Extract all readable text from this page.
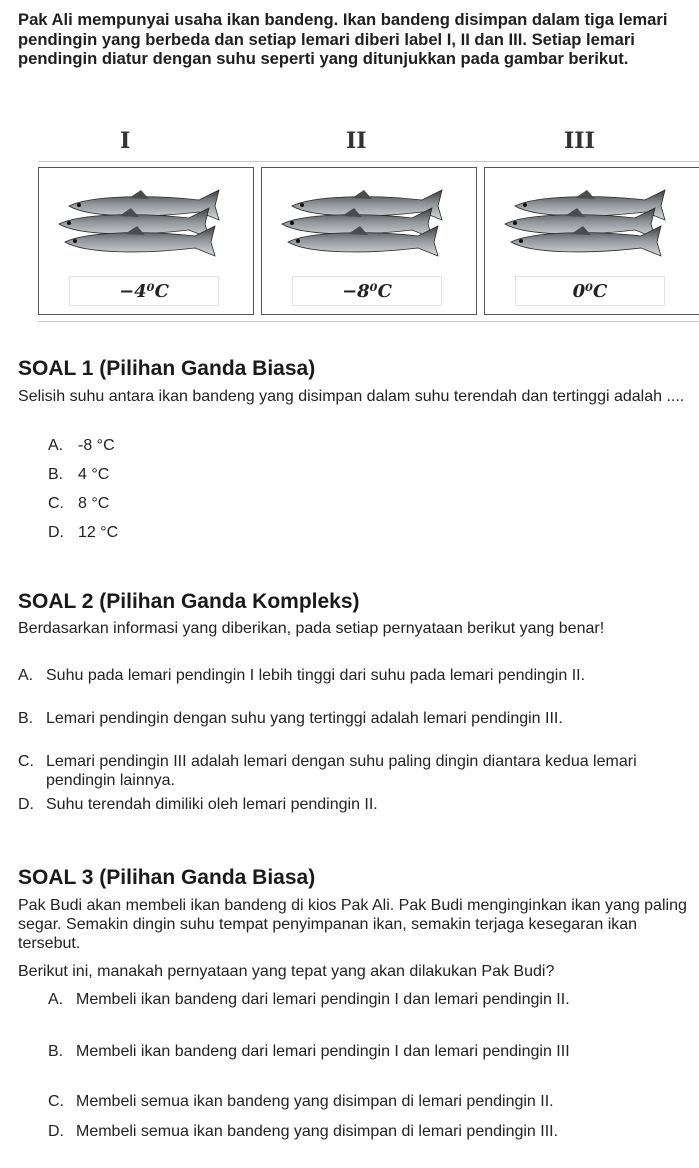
Pak Ali mempunyai usaha ikan bandeng. Ikan bandeng disimpan dalam tiga lemari pendingin yang berbeda dan setiap lemari diberi label I, II dan III. Setiap lemari pendingin diatur dengan suhu seperti yang ditunjukkan pada gambar berikut.
I	II	III
−4⁰C	−8⁰C	0⁰C
SOAL 1 (Pilihan Ganda Biasa)
Selisih suhu antara ikan bandeng yang disimpan dalam suhu terendah dan tertinggi adalah ....
A. -8 °C
B. 4 °C
C. 8 °C
D. 12 °C
SOAL 2 (Pilihan Ganda Kompleks)
Berdasarkan informasi yang diberikan, pada setiap pernyataan berikut yang benar!
A. Suhu pada lemari pendingin I lebih tinggi dari suhu pada lemari pendingin II.
B. Lemari pendingin dengan suhu yang tertinggi adalah lemari pendingin III.
C. Lemari pendingin III adalah lemari dengan suhu paling dingin diantara kedua lemari pendingin lainnya.
D. Suhu terendah dimiliki oleh lemari pendingin II.
SOAL 3 (Pilihan Ganda Biasa)
Pak Budi akan membeli ikan bandeng di kios Pak Ali. Pak Budi menginginkan ikan yang paling segar. Semakin dingin suhu tempat penyimpanan ikan, semakin terjaga kesegaran ikan tersebut.
Berikut ini, manakah pernyataan yang tepat yang akan dilakukan Pak Budi?
A. Membeli ikan bandeng dari lemari pendingin I dan lemari pendingin II.
B. Membeli ikan bandeng dari lemari pendingin I dan lemari pendingin III
C. Membeli semua ikan bandeng yang disimpan di lemari pendingin II.
D. Membeli semua ikan bandeng yang disimpan di lemari pendingin III.
